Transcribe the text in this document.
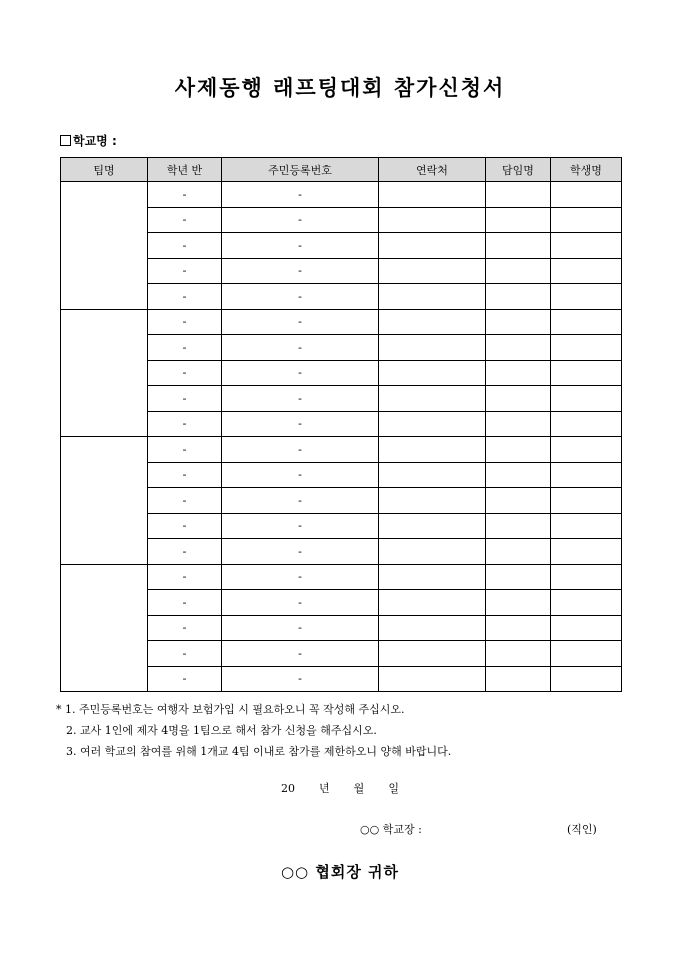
사제동행 래프팅대회 참가신청서
학교명 :
팀명	학년 반	주민등록번호	연락처	담임명	학생명
	-	-			
	-	-			
	-	-			
	-	-			
	-	-			
	-	-			
	-	-			
	-	-			
	-	-			
	-	-			
	-	-			
	-	-			
	-	-			
	-	-			
	-	-			
	-	-			
	-	-			
	-	-			
	-	-			
	-	-			
* 1. 주민등록번호는 여행자 보험가입 시 필요하오니 꼭 작성해 주십시오.
2. 교사 1인에 제자 4명을 1팀으로 해서 참가 신청을 해주십시오.
3. 여러 학교의 참여를 위해 1개교 4팀 이내로 참가를 제한하오니 양해 바랍니다.
20 년 월 일
○○ 학교장 :	(직인)
○○ 협회장 귀하
